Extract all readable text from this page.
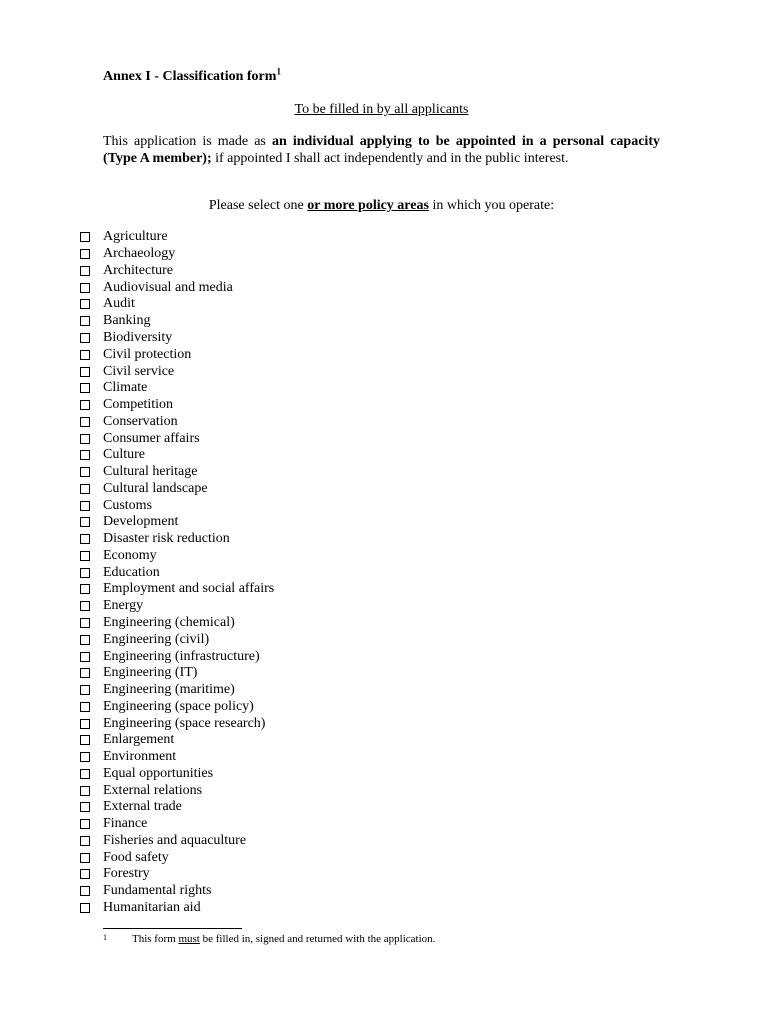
Annex I - Classification form$^1$
To be filled in by all applicants
This application is made as an individual applying to be appointed in a personal capacity (Type A member); if appointed I shall act independently and in the public interest.
Please select one or more policy areas in which you operate:
Agriculture
Archaeology
Architecture
Audiovisual and media
Audit
Banking
Biodiversity
Civil protection
Civil service
Climate
Competition
Conservation
Consumer affairs
Culture
Cultural heritage
Cultural landscape
Customs
Development
Disaster risk reduction
Economy
Education
Employment and social affairs
Energy
Engineering (chemical)
Engineering (civil)
Engineering (infrastructure)
Engineering (IT)
Engineering (maritime)
Engineering (space policy)
Engineering (space research)
Enlargement
Environment
Equal opportunities
External relations
External trade
Finance
Fisheries and aquaculture
Food safety
Forestry
Fundamental rights
Humanitarian aid
1 This form must be filled in, signed and returned with the application.
